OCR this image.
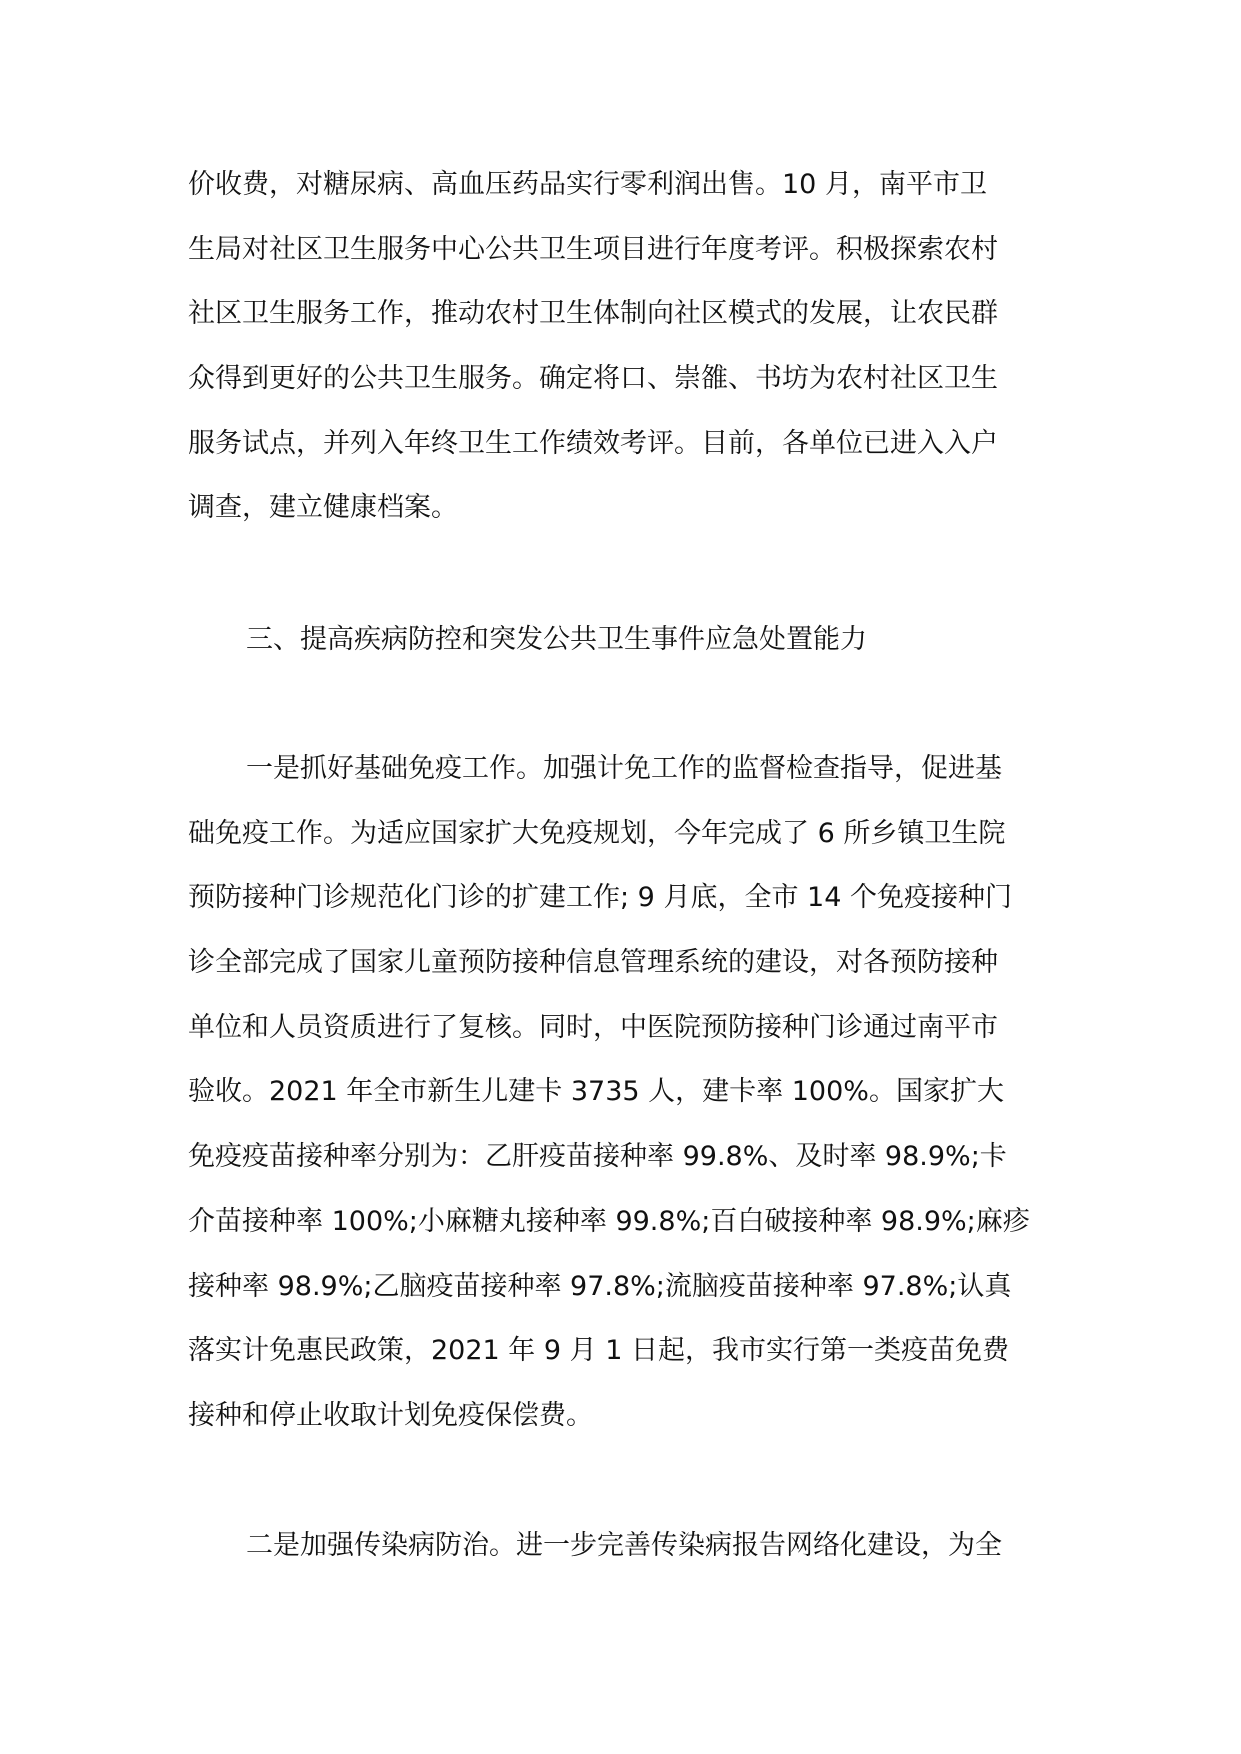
价收费，对糖尿病、高血压药品实行零利润出售。10 月，南平市卫
生局对社区卫生服务中心公共卫生项目进行年度考评。积极探索农村
社区卫生服务工作，推动农村卫生体制向社区模式的发展，让农民群
众得到更好的公共卫生服务。确定将口、崇雒、书坊为农村社区卫生
服务试点，并列入年终卫生工作绩效考评。目前，各单位已进入入户
调查，建立健康档案。
三、提高疾病防控和突发公共卫生事件应急处置能力
一是抓好基础免疫工作。加强计免工作的监督检查指导，促进基
础免疫工作。为适应国家扩大免疫规划，今年完成了 6 所乡镇卫生院
预防接种门诊规范化门诊的扩建工作; 9 月底，全市 14 个免疫接种门
诊全部完成了国家儿童预防接种信息管理系统的建设，对各预防接种
单位和人员资质进行了复核。同时，中医院预防接种门诊通过南平市
验收。2021 年全市新生儿建卡 3735 人，建卡率 100%。国家扩大
免疫疫苗接种率分别为：乙肝疫苗接种率 99.8%、及时率 98.9%;卡
介苗接种率 100%;小麻糖丸接种率 99.8%;百白破接种率 98.9%;麻疹
接种率 98.9%;乙脑疫苗接种率 97.8%;流脑疫苗接种率 97.8%;认真
落实计免惠民政策，2021 年 9 月 1 日起，我市实行第一类疫苗免费
接种和停止收取计划免疫保偿费。
二是加强传染病防治。进一步完善传染病报告网络化建设，为全
